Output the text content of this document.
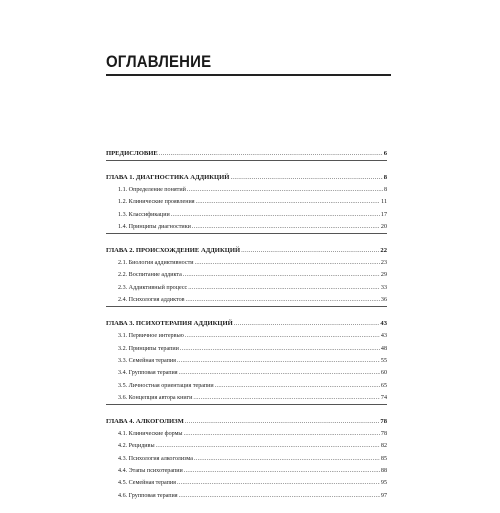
ОГЛАВЛЕНИЕ
ПРЕДИСЛОВИЕ .....	6
ГЛАВА 1. ДИАГНОСТИКА АДДИКЦИЙ .....	8
1.1. Определение понятий .....	8
1.2. Клинические проявления .....	11
1.3. Классификации .....	17
1.4. Принципы диагностики .....	20
ГЛАВА 2. ПРОИСХОЖДЕНИЕ АДДИКЦИЙ .....	22
2.1. Биология аддиктивности .....	23
2.2. Воспитание аддикта .....	29
2.3. Аддиктивный процесс .....	33
2.4. Психология аддиктов .....	36
ГЛАВА 3. ПСИХОТЕРАПИЯ АДДИКЦИЙ .....	43
3.1. Первичное интервью .....	43
3.2. Принципы терапии .....	48
3.3. Семейная терапия .....	55
3.4. Групповая терапия .....	60
3.5. Личностная ориентация терапии .....	65
3.6. Концепция автора книги .....	74
ГЛАВА 4. АЛКОГОЛИЗМ .....	78
4.1. Клинические формы .....	78
4.2. Рецидивы .....	82
4.3. Психология алкоголизма .....	85
4.4. Этапы психотерапии .....	88
4.5. Семейная терапия .....	95
4.6. Групповая терапия .....	97
